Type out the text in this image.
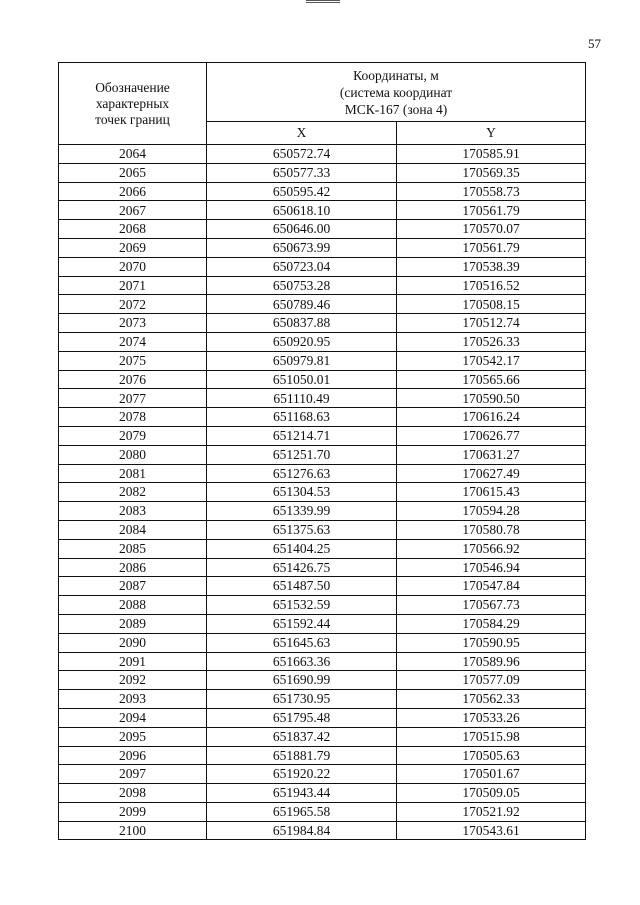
57
Обозначение
характерных
точек границ	Координаты, м
(система координат
МСК-167 (зона 4)	

	X	Y
2064	650572.74	170585.91
2065	650577.33	170569.35
2066	650595.42	170558.73
2067	650618.10	170561.79
2068	650646.00	170570.07
2069	650673.99	170561.79
2070	650723.04	170538.39
2071	650753.28	170516.52
2072	650789.46	170508.15
2073	650837.88	170512.74
2074	650920.95	170526.33
2075	650979.81	170542.17
2076	651050.01	170565.66
2077	651110.49	170590.50
2078	651168.63	170616.24
2079	651214.71	170626.77
2080	651251.70	170631.27
2081	651276.63	170627.49
2082	651304.53	170615.43
2083	651339.99	170594.28
2084	651375.63	170580.78
2085	651404.25	170566.92
2086	651426.75	170546.94
2087	651487.50	170547.84
2088	651532.59	170567.73
2089	651592.44	170584.29
2090	651645.63	170590.95
2091	651663.36	170589.96
2092	651690.99	170577.09
2093	651730.95	170562.33
2094	651795.48	170533.26
2095	651837.42	170515.98
2096	651881.79	170505.63
2097	651920.22	170501.67
2098	651943.44	170509.05
2099	651965.58	170521.92
2100	651984.84	170543.61
